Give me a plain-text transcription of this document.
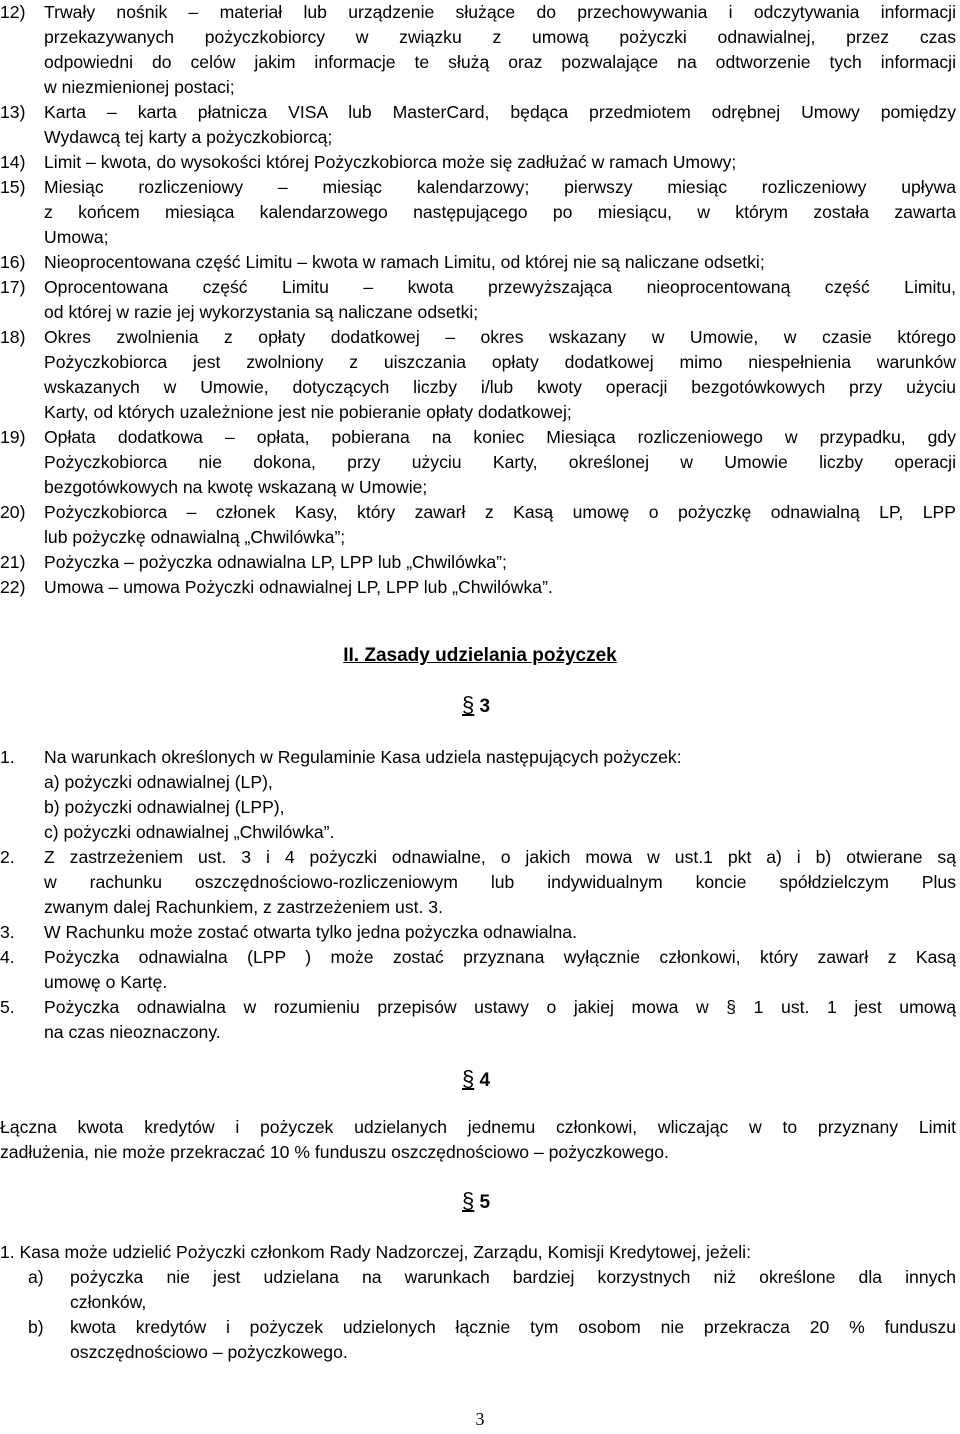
12) Trwały nośnik – materiał lub urządzenie służące do przechowywania i odczytywania informacji
przekazywanych pożyczkobiorcy w związku z umową pożyczki odnawialnej, przez czas
odpowiedni do celów jakim informacje te służą oraz pozwalające na odtworzenie tych informacji
w niezmienionej postaci;
13) Karta – karta płatnicza VISA lub MasterCard, będąca przedmiotem odrębnej Umowy pomiędzy
Wydawcą tej karty a pożyczkobiorcą;
14) Limit – kwota, do wysokości której Pożyczkobiorca może się zadłużać w ramach Umowy;
15) Miesiąc rozliczeniowy – miesiąc kalendarzowy; pierwszy miesiąc rozliczeniowy upływa
z końcem miesiąca kalendarzowego następującego po miesiącu, w którym została zawarta
Umowa;
16) Nieoprocentowana część Limitu – kwota w ramach Limitu, od której nie są naliczane odsetki;
17) Oprocentowana część Limitu – kwota przewyższająca nieoprocentowaną część Limitu,
od której w razie jej wykorzystania są naliczane odsetki;
18) Okres zwolnienia z opłaty dodatkowej – okres wskazany w Umowie, w czasie którego
Pożyczkobiorca jest zwolniony z uiszczania opłaty dodatkowej mimo niespełnienia warunków
wskazanych w Umowie, dotyczących liczby i/lub kwoty operacji bezgotówkowych przy użyciu
Karty, od których uzależnione jest nie pobieranie opłaty dodatkowej;
19) Opłata dodatkowa – opłata, pobierana na koniec Miesiąca rozliczeniowego w przypadku, gdy
Pożyczkobiorca nie dokona, przy użyciu Karty, określonej w Umowie liczby operacji
bezgotówkowych na kwotę wskazaną w Umowie;
20) Pożyczkobiorca – członek Kasy, który zawarł z Kasą umowę o pożyczkę odnawialną LP, LPP
lub pożyczkę odnawialną „Chwilówka”;
21) Pożyczka – pożyczka odnawialna LP, LPP lub „Chwilówka”;
22) Umowa – umowa Pożyczki odnawialnej LP, LPP lub „Chwilówka”.
II. Zasady udzielania pożyczek
§ 3
1. Na warunkach określonych w Regulaminie Kasa udziela następujących pożyczek:
a) pożyczki odnawialnej (LP),
b) pożyczki odnawialnej (LPP),
c) pożyczki odnawialnej „Chwilówka”.
2. Z zastrzeżeniem ust. 3 i 4 pożyczki odnawialne, o jakich mowa w ust.1 pkt a) i b) otwierane są
w rachunku oszczędnościowo-rozliczeniowym lub indywidualnym koncie spółdzielczym Plus
zwanym dalej Rachunkiem, z zastrzeżeniem ust. 3.
3. W Rachunku może zostać otwarta tylko jedna pożyczka odnawialna.
4. Pożyczka odnawialna (LPP ) może zostać przyznana wyłącznie członkowi, który zawarł z Kasą
umowę o Kartę.
5. Pożyczka odnawialna w rozumieniu przepisów ustawy o jakiej mowa w § 1 ust. 1 jest umową
na czas nieoznaczony.
§ 4
Łączna kwota kredytów i pożyczek udzielanych jednemu członkowi, wliczając w to przyznany Limit
zadłużenia, nie może przekraczać 10 % funduszu oszczędnościowo – pożyczkowego.
§ 5
1. Kasa może udzielić Pożyczki członkom Rady Nadzorczej, Zarządu, Komisji Kredytowej, jeżeli:
a) pożyczka nie jest udzielana na warunkach bardziej korzystnych niż określone dla innych
członków,
b) kwota kredytów i pożyczek udzielonych łącznie tym osobom nie przekracza 20 % funduszu
oszczędnościowo – pożyczkowego.
3
